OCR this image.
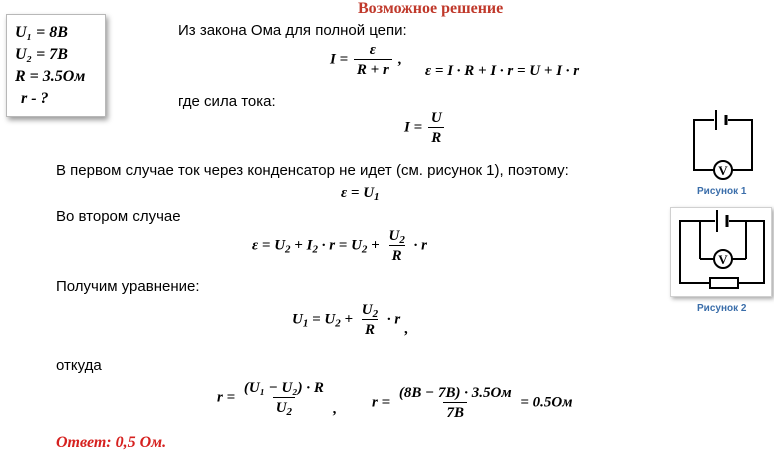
Возможное решение
U₁ = 8В
U₂ = 7В
R = 3.5Ом
r - ?
Из закона Ома для полной цепи:
$I = \frac{\varepsilon}{R + r}$ ,
ε = I · R + I · r = U + I · r
где сила тока:
$I = \frac{U}{R}$
В первом случае ток через конденсатор не идет (см. рисунок 1), поэтому:
$\varepsilon = U_1$
Во втором случае
$\varepsilon = U_2 + I_2 \cdot r = U_2 + \frac{U_2}{R} \cdot r$
Получим уравнение:
$U_1 = U_2 + \frac{U_2}{R} \cdot r$ ,
откуда
$r = \frac{\text{(U₁ − U₂) · R}}{U_2}$ , $r = \frac{(8В - 7В) \cdot 3.5Ом}{7В} = 0.5Ом$
Ответ: 0,5 Ом.
V
Рисунок 1
V
Рисунок 2
